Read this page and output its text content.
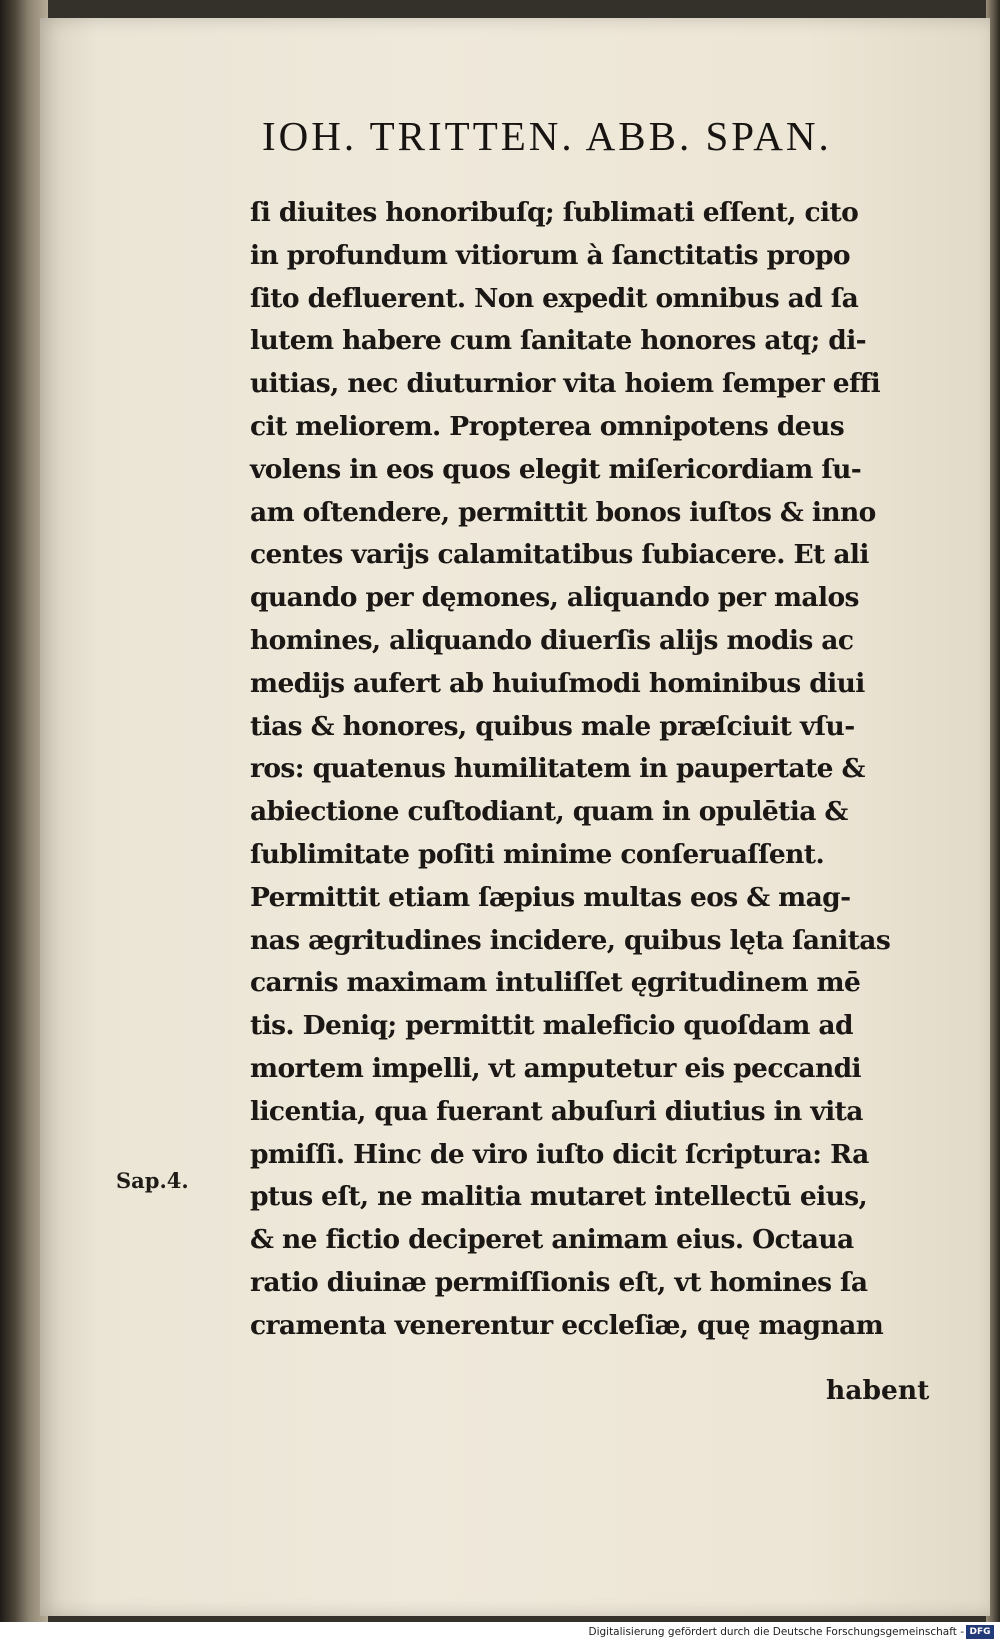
IOH. TRITTEN. ABB. SPAN.
ſi diuites honoribuſq; ſublimati eſſent, cito
in profundum vitiorum à ſanctitatis propo
ſito defluerent. Non expedit omnibus ad ſa
lutem habere cum ſanitate honores atq; di-
uitias, nec diuturnior vita hoiem ſemper effi
cit meliorem. Propterea omnipotens deus
volens in eos quos elegit miſericordiam ſu-
am oſtendere, permittit bonos iuſtos & inno
centes varijs calamitatibus ſubiacere. Et ali
quando per dęmones, aliquando per malos
homines, aliquando diuerſis alijs modis ac
medijs aufert ab huiuſmodi hominibus diui
tias & honores, quibus male præſciuit vſu-
ros: quatenus humilitatem in paupertate &
abiectione cuſtodiant, quam in opulētia &
ſublimitate poſiti minime conſeruaſſent.
Permittit etiam ſæpius multas eos & mag-
nas ægritudines incidere, quibus lęta ſanitas
carnis maximam intuliſſet ęgritudinem mē
tis. Deniq; permittit maleficio quoſdam ad
mortem impelli, vt amputetur eis peccandi
licentia, qua fuerant abuſuri diutius in vita
pmiſſi. Hinc de viro iuſto dicit ſcriptura: Ra
ptus eſt, ne malitia mutaret intellectū eius,
& ne fictio deciperet animam eius. Octaua
ratio diuinæ permiſſionis eſt, vt homines ſa
cramenta venerentur eccleſiæ, quę magnam
habent
Sap.4.
Digitalisierung gefördert durch die Deutsche Forschungsgemeinschaft - DFG
